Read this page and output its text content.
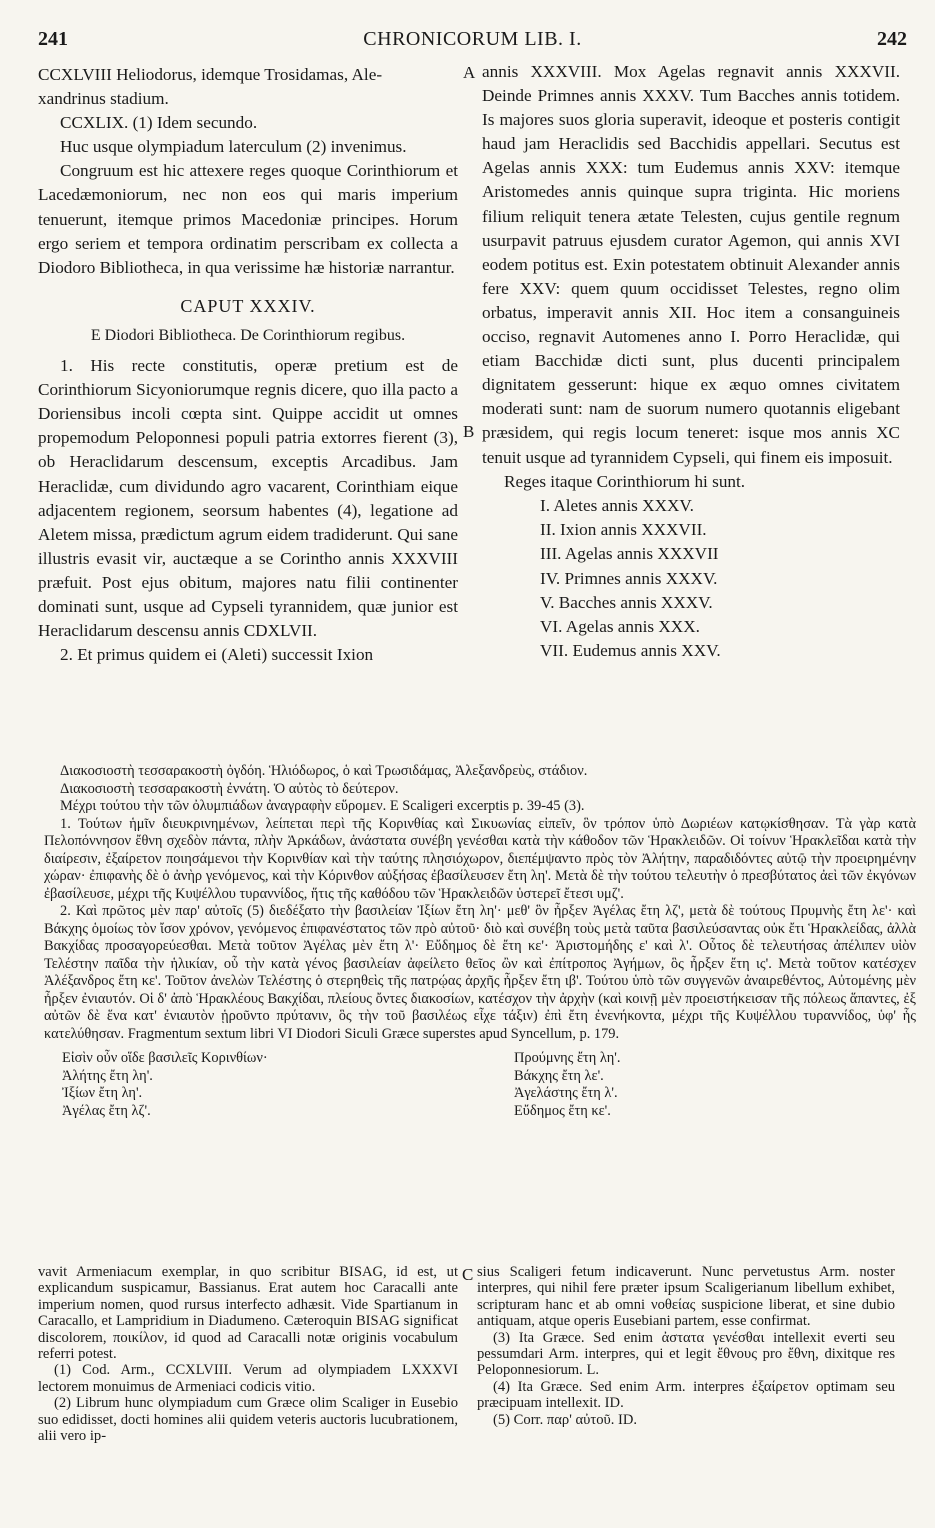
241	CHRONICORUM LIB. I.	242
A
B
C

CCXLVIII Heliodorus, idemque Trosidamas, Ale-

xandrinus stadium.

CCXLIX. (1) Idem secundo.

Huc usque olympiadum laterculum (2) invenimus.

Congruum est hic attexere reges quoque Corinthiorum et Lacedæmoniorum, nec non eos qui maris imperium tenuerunt, itemque primos Macedoniæ principes. Horum ergo seriem et tempora ordinatim perscribam ex collecta a Diodoro Bibliotheca, in qua verissime hæ historiæ narrantur.

CAPUT XXXIV.
E Diodori Bibliotheca. De Corinthiorum regibus.

1. His recte constitutis, operæ pretium est de Corinthiorum Sicyoniorumque regnis dicere, quo illa pacto a Doriensibus incoli cœpta sint. Quippe accidit ut omnes propemodum Peloponnesi populi patria extorres fierent (3), ob Heraclidarum descensum, exceptis Arcadibus. Jam Heraclidæ, cum dividundo agro vacarent, Corinthiam eique adjacentem regionem, seorsum habentes (4), legatione ad Aletem missa, prædictum agrum eidem tradiderunt. Qui sane illustris evasit vir, auctæque a se Corintho annis XXXVIII præfuit. Post ejus obitum, majores natu filii continenter dominati sunt, usque ad Cypseli tyrannidem, quæ junior est Heraclidarum descensu annis CDXLVII.

2. Et primus quidem ei (Aleti) successit Ixion

annis XXXVIII. Mox Agelas regnavit annis XXXVII. Deinde Primnes annis XXXV. Tum Bacches annis totidem. Is majores suos gloria superavit, ideoque et posteris contigit haud jam Heraclidis sed Bacchidis appellari. Secutus est Agelas annis XXX: tum Eudemus annis XXV: itemque Aristomedes annis quinque supra triginta. Hic moriens filium reliquit tenera ætate Telesten, cujus gentile regnum usurpavit patruus ejusdem curator Agemon, qui annis XVI eodem potitus est. Exin potestatem obtinuit Alexander annis fere XXV: quem quum occidisset Telestes, regno olim orbatus, imperavit annis XII. Hoc item a consanguineis occiso, regnavit Automenes anno I. Porro Heraclidæ, qui etiam Bacchidæ dicti sunt, plus ducenti principalem dignitatem gesserunt: hique ex æquo omnes civitatem moderati sunt: nam de suorum numero quotannis eligebant præsidem, qui regis locum teneret: isque mos annis XC tenuit usque ad tyrannidem Cypseli, qui finem eis imposuit.

Reges itaque Corinthiorum hi sunt.

I. Aletes annis XXXV.
II. Ixion annis XXXVII.
III. Agelas annis XXXVII
IV. Primnes annis XXXV.
V. Bacches annis XXXV.
VI. Agelas annis XXX.
VII. Eudemus annis XXV.

Διακοσιοστὴ τεσσαρακοστὴ ὀγδόη. Ἡλιόδωρος, ὁ καὶ Τρωσιδάμας, Ἀλεξανδρεὺς, στάδιον.

Διακοσιοστὴ τεσσαρακοστὴ ἐννάτη. Ὁ αὐτὸς τὸ δεύτερον.

Μέχρι τούτου τὴν τῶν ὀλυμπιάδων ἀναγραφὴν εὕρομεν. E Scaligeri excerptis p. 39-45 (3).

1. Τούτων ἡμῖν διευκρινημένων, λείπεται περὶ τῆς Κορινθίας καὶ Σικυωνίας εἰπεῖν, ὃν τρόπον ὑπὸ Δωριέων κατῳκίσθησαν. Τὰ γὰρ κατὰ Πελοπόννησον ἔθνη σχεδὸν πάντα, πλὴν Ἀρκάδων, ἀνάστατα συνέβη γενέσθαι κατὰ τὴν κάθοδον τῶν Ἡρακλειδῶν. Οἱ τοίνυν Ἡρακλεῖδαι κατὰ τὴν διαίρεσιν, ἐξαίρετον ποιησάμενοι τὴν Κορινθίαν καὶ τὴν ταύτης πλησιόχωρον, διεπέμψαντο πρὸς τὸν Ἀλήτην, παραδιδόντες αὐτῷ τὴν προειρημένην χώραν· ἐπιφανὴς δὲ ὁ ἀνὴρ γενόμενος, καὶ τὴν Κόρινθον αὐξήσας ἐβασίλευσεν ἔτη λη'. Μετὰ δὲ τὴν τούτου τελευτὴν ὁ πρεσβύτατος ἀεὶ τῶν ἐκγόνων ἐβασίλευσε, μέχρι τῆς Κυψέλλου τυραννίδος, ἥτις τῆς καθόδου τῶν Ἡρακλειδῶν ὑστερεῖ ἔτεσι υμζ'.

2. Καὶ πρῶτος μὲν παρ' αὐτοῖς (5) διεδέξατο τὴν βασιλείαν Ἰξίων ἔτη λη'· μεθ' ὃν ἦρξεν Ἀγέλας ἔτη λζ', μετὰ δὲ τούτους Πρυμνὴς ἔτη λε'· καὶ Βάκχης ὁμοίως τὸν ἴσον χρόνον, γενόμενος ἐπιφανέστατος τῶν πρὸ αὐτοῦ· διὸ καὶ συνέβη τοὺς μετὰ ταῦτα βασιλεύσαντας οὐκ ἔτι Ἡρακλείδας, ἀλλὰ Βακχίδας προσαγορεύεσθαι. Μετὰ τοῦτον Ἀγέλας μὲν ἔτη λ'· Εὔδημος δὲ ἔτη κε'· Ἀριστομήδης ε' καὶ λ'. Οὗτος δὲ τελευτήσας ἀπέλιπεν υἱὸν Τελέστην παῖδα τὴν ἡλικίαν, οὗ τὴν κατὰ γένος βασιλείαν ἀφείλετο θεῖος ὢν καὶ ἐπίτροπος Ἀγήμων, ὃς ἦρξεν ἔτη ις'. Μετὰ τοῦτον κατέσχεν Ἀλέξανδρος ἔτη κε'. Τοῦτον ἀνελὼν Τελέστης ὁ στερηθεὶς τῆς πατρῴας ἀρχῆς ἦρξεν ἔτη ιβ'. Τούτου ὑπὸ τῶν συγγενῶν ἀναιρεθέντος, Αὐτομένης μὲν ἦρξεν ἐνιαυτόν. Οἱ δ' ἀπὸ Ἡρακλέους Βακχίδαι, πλείους ὄντες διακοσίων, κατέσχον τὴν ἀρχὴν (καὶ κοινῇ μὲν προειστήκεισαν τῆς πόλεως ἅπαντες, ἐξ αὐτῶν δὲ ἕνα κατ' ἐνιαυτὸν ᾑροῦντο πρύτανιν, ὃς τὴν τοῦ βασιλέως εἶχε τάξιν) ἐπὶ ἔτη ἐνενήκοντα, μέχρι τῆς Κυψέλλου τυραννίδος, ὑφ' ἧς κατελύθησαν. Fragmentum sextum libri VI Diodori Siculi Græce superstes apud Syncellum, p. 179.

Εἰσὶν οὖν οἵδε βασιλεῖς Κορινθίων·
Ἀλήτης ἔτη λη'.
Ἰξίων ἔτη λη'.
Ἀγέλας ἔτη λζ'.
Προύμνης ἔτη λη'.
Βάκχης ἔτη λε'.
Ἀγελάστης ἔτη λ'.
Εὔδημος ἔτη κε'.

vavit Armeniacum exemplar, in quo scribitur BISAG, id est, ut explicandum suspicamur, Bassianus. Erat autem hoc Caracalli ante imperium nomen, quod rursus interfecto adhæsit. Vide Spartianum in Caracallo, et Lampridium in Diadumeno. Cæteroquin BISAG significat discolorem, ποικίλον, id quod ad Caracalli notæ originis vocabulum referri potest.

(1) Cod. Arm., CCXLVIII. Verum ad olympiadem LXXXVI lectorem monuimus de Armeniaci codicis vitio.

(2) Librum hunc olympiadum cum Græce olim Scaliger in Eusebio suo edidisset, docti homines alii quidem veteris auctoris lucubrationem, alii vero ip-

sius Scaligeri fetum indicaverunt. Nunc pervetustus Arm. noster interpres, qui nihil fere præter ipsum Scaligerianum libellum exhibet, scripturam hanc et ab omni νοθείας suspicione liberat, et sine dubio antiquam, atque operis Eusebiani partem, esse confirmat.

(3) Ita Græce. Sed enim ἀστατα γενέσθαι intellexit everti seu pessumdari Arm. interpres, qui et legit ἔθνους pro ἔθνη, dixitque res Peloponnesiorum. L.

(4) Ita Græce. Sed enim Arm. interpres ἐξαίρετον optimam seu præcipuam intellexit. ID.

(5) Corr. παρ' αὐτοῦ. ID.
